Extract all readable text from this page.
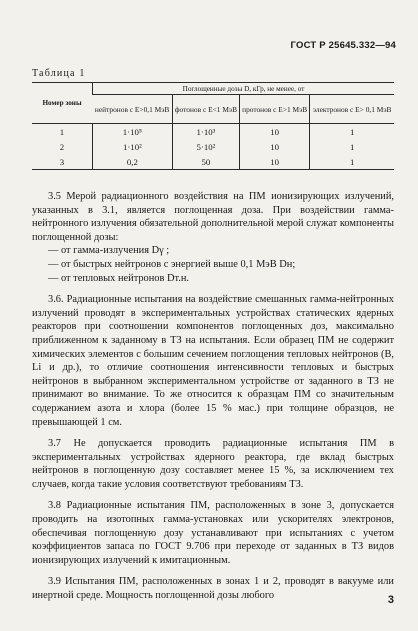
ГОСТ Р 25645.332—94
Таблица 1
Номер зоны	Поглощенные дозы D, кГр, не менее, от			
	нейтронов с E>0,1 МэВ	фотонов с E<1 МэВ	протонов с E>1 МэВ	электронов с E> 0,1 МэВ
1	1·10⁵	1·10³	10	1
2	1·10²	5·10²	10	1
3	0,2	50	10	1

3.5 Мерой радиационного воздействия на ПМ ионизирующих излучений, указанных в 3.1, является поглощенная доза. При воздействии гамма-нейтронного излучения обязательной дополнительной мерой служат компоненты поглощенной дозы:

— от гамма-излучения Dγ ;

— от быстрых нейтронов с энергией выше 0,1 МэВ Dн;

— от тепловых нейтронов Dт.н.

3.6. Радиационные испытания на воздействие смешанных гамма-нейтронных излучений проводят в экспериментальных устройствах статических ядерных реакторов при соотношении компонентов поглощенных доз, максимально приближенном к заданному в ТЗ на испытания. Если образец ПМ не содержит химических элементов с большим сечением поглощения тепловых нейтронов (В, Li и др.), то отличие соотношения интенсивности тепловых и быстрых нейтронов в выбранном экспериментальном устройстве от заданного в ТЗ не принимают во внимание. То же относится к образцам ПМ со значительным содержанием азота и хлора (более 15 % мас.) при толщине образцов, не превышающей 1 см.

3.7 Не допускается проводить радиационные испытания ПМ в экспериментальных устройствах ядерного реактора, где вклад быстрых нейтронов в поглощенную дозу составляет менее 15 %, за исключением тех случаев, когда такие условия соответствуют требованиям ТЗ.

3.8 Радиационные испытания ПМ, расположенных в зоне 3, допускается проводить на изотопных гамма-установках или ускорителях электронов, обеспечивая поглощенную дозу устанавливают при испытаниях с учетом коэффициентов запаса по ГОСТ 9.706 при переходе от заданных в ТЗ видов ионизирующих излучений к имитационным.

3.9 Испытания ПМ, расположенных в зонах 1 и 2, проводят в вакууме или инертной среде. Мощность поглощенной дозы любого	3
